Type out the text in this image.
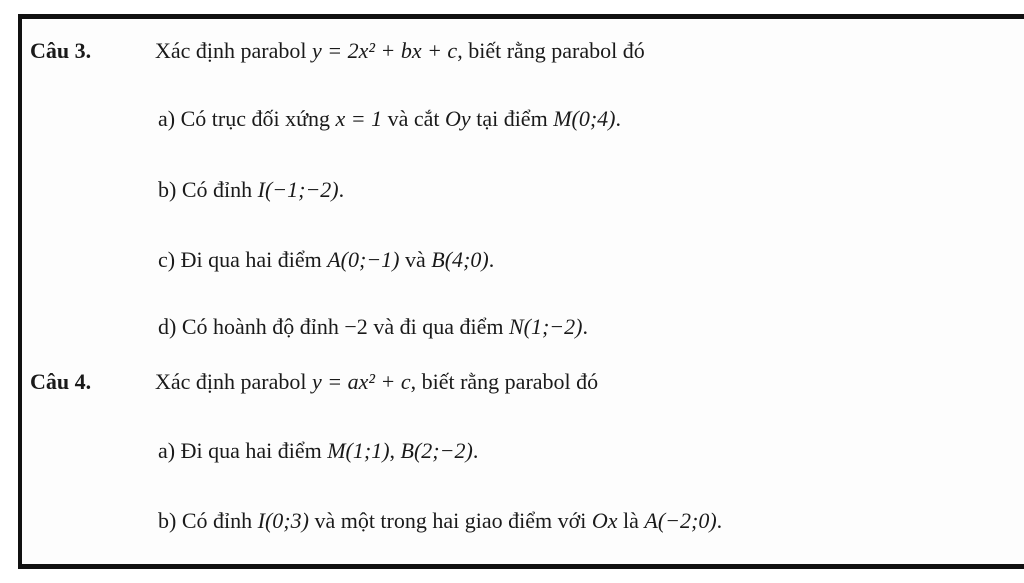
Câu 3.	Xác định parabol y = 2x² + bx + c, biết rằng parabol đó
a) Có trục đối xứng x = 1 và cắt Oy tại điểm M(0;4).
b) Có đỉnh I(−1;−2).
c) Đi qua hai điểm A(0;−1) và B(4;0).
d) Có hoành độ đỉnh −2 và đi qua điểm N(1;−2).
Câu 4.	Xác định parabol y = ax² + c, biết rằng parabol đó
a) Đi qua hai điểm M(1;1), B(2;−2).
b) Có đỉnh I(0;3) và một trong hai giao điểm với Ox là A(−2;0).
